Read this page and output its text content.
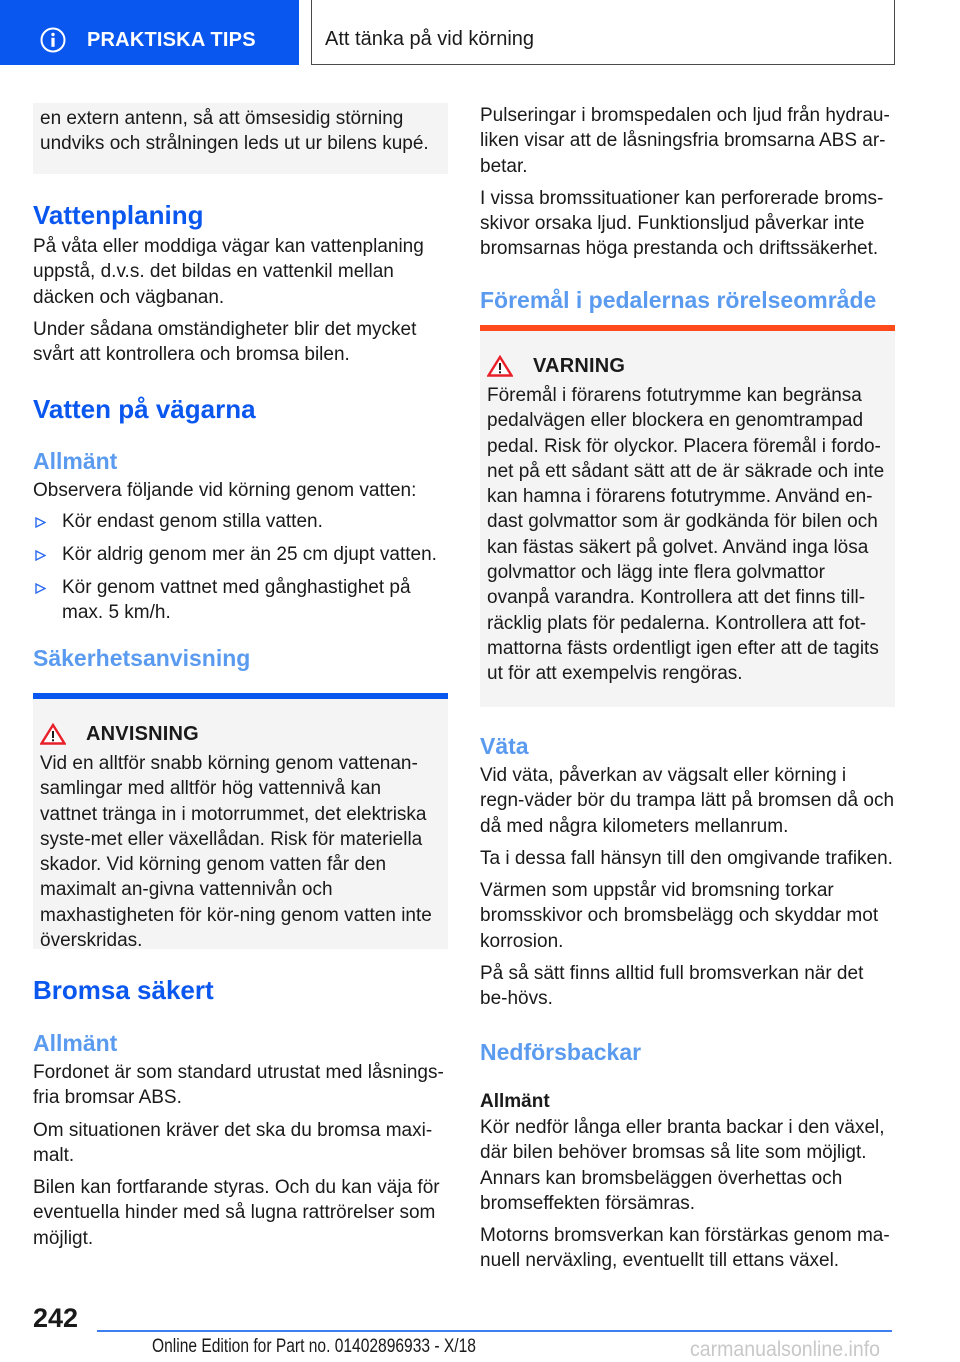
PRAKTISKA TIPS	Att tänka på vid körning

en extern antenn, så att ömsesidig störning undviks och strålningen leds ut ur bilens kupé.

Vattenplaning

På våta eller moddiga vägar kan vattenplaning uppstå, d.v.s. det bildas en vattenkil mellan däcken och vägbanan.

Under sådana omständigheter blir det mycket svårt att kontrollera och bromsa bilen.

Vatten på vägarna
Allmänt

Observera följande vid körning genom vatten:

Kör endast genom stilla vatten.
Kör aldrig genom mer än 25 cm djupt vatten.
Kör genom vattnet med gånghastighet på max. 5 km/h.
Säkerhetsanvisning
ANVISNING

Vid en alltför snabb körning genom vattenan-samlingar med alltför hög vattennivå kan vattnet tränga in i motorrummet, det elektriska syste-met eller växellådan. Risk för materiella skador. Vid körning genom vatten får den maximalt an-givna vattennivån och maxhastigheten för kör-ning genom vatten inte överskridas.

Bromsa säkert
Allmänt

Fordonet är som standard utrustat med låsnings-fria bromsar ABS.

Om situationen kräver det ska du bromsa maxi-malt.

Bilen kan fortfarande styras. Och du kan väja för eventuella hinder med så lugna rattrörelser som möjligt.

Pulseringar i bromspedalen och ljud från hydrau-liken visar att de låsningsfria bromsarna ABS ar-betar.

I vissa bromssituationer kan perforerade broms-skivor orsaka ljud. Funktionsljud påverkar inte bromsarnas höga prestanda och driftssäkerhet.

Föremål i pedalernas rörelseområde
VARNING

Föremål i förarens fotutrymme kan begränsa pedalvägen eller blockera en genomtrampad pedal. Risk för olyckor. Placera föremål i fordo-net på ett sådant sätt att de är säkrade och inte kan hamna i förarens fotutrymme. Använd en-dast golvmattor som är godkända för bilen och kan fästas säkert på golvet. Använd inga lösa golvmattor och lägg inte flera golvmattor ovanpå varandra. Kontrollera att det finns till-räcklig plats för pedalerna. Kontrollera att fot-mattorna fästs ordentligt igen efter att de tagits ut för att exempelvis rengöras.

Väta

Vid väta, påverkan av vägsalt eller körning i regn-väder bör du trampa lätt på bromsen då och då med några kilometers mellanrum.

Ta i dessa fall hänsyn till den omgivande trafiken.

Värmen som uppstår vid bromsning torkar bromsskivor och bromsbelägg och skyddar mot korrosion.

På så sätt finns alltid full bromsverkan när det be-hövs.

Nedförsbackar
Allmänt

Kör nedför långa eller branta backar i den växel, där bilen behöver bromsas så lite som möjligt. Annars kan bromsbeläggen överhettas och bromseffekten försämras.

Motorns bromsverkan kan förstärkas genom ma-nuell nerväxling, eventuellt till ettans växel.

242
Online Edition for Part no. 01402896933 - X/18	carmanualsonline.info
